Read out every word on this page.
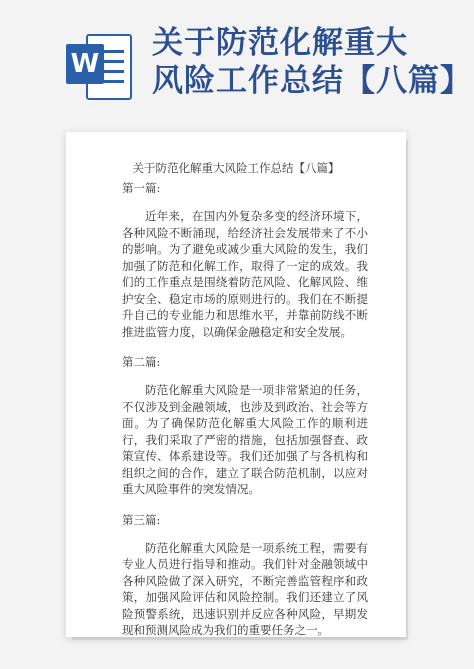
W
关于防范化解重大
风险工作总结【八篇】
关于防范化解重大风险工作总结【八篇】

第一篇:

近年来，在国内外复杂多变的经济环境下，各种风险不断涌现，给经济社会发展带来了不小的影响。为了避免或减少重大风险的发生，我们加强了防范和化解工作，取得了一定的成效。我们的工作重点是围绕着防范风险、化解风险、维护安全、稳定市场的原则进行的。我们在不断提升自己的专业能力和思维水平，并靠前防线不断推进监管力度，以确保金融稳定和安全发展。

第二篇:

防范化解重大风险是一项非常紧迫的任务，不仅涉及到金融领域，也涉及到政治、社会等方面。为了确保防范化解重大风险工作的顺利进行，我们采取了严密的措施，包括加强督查、政策宣传、体系建设等。我们还加强了与各机构和组织之间的合作，建立了联合防范机制，以应对重大风险事件的突发情况。

第三篇:

防范化解重大风险是一项系统工程，需要有专业人员进行指导和推动。我们针对金融领域中各种风险做了深入研究，不断完善监管程序和政策，加强风险评估和风险控制。我们还建立了风险预警系统，迅速识别并反应各种风险，早期发现和预测风险成为我们的重要任务之一。
